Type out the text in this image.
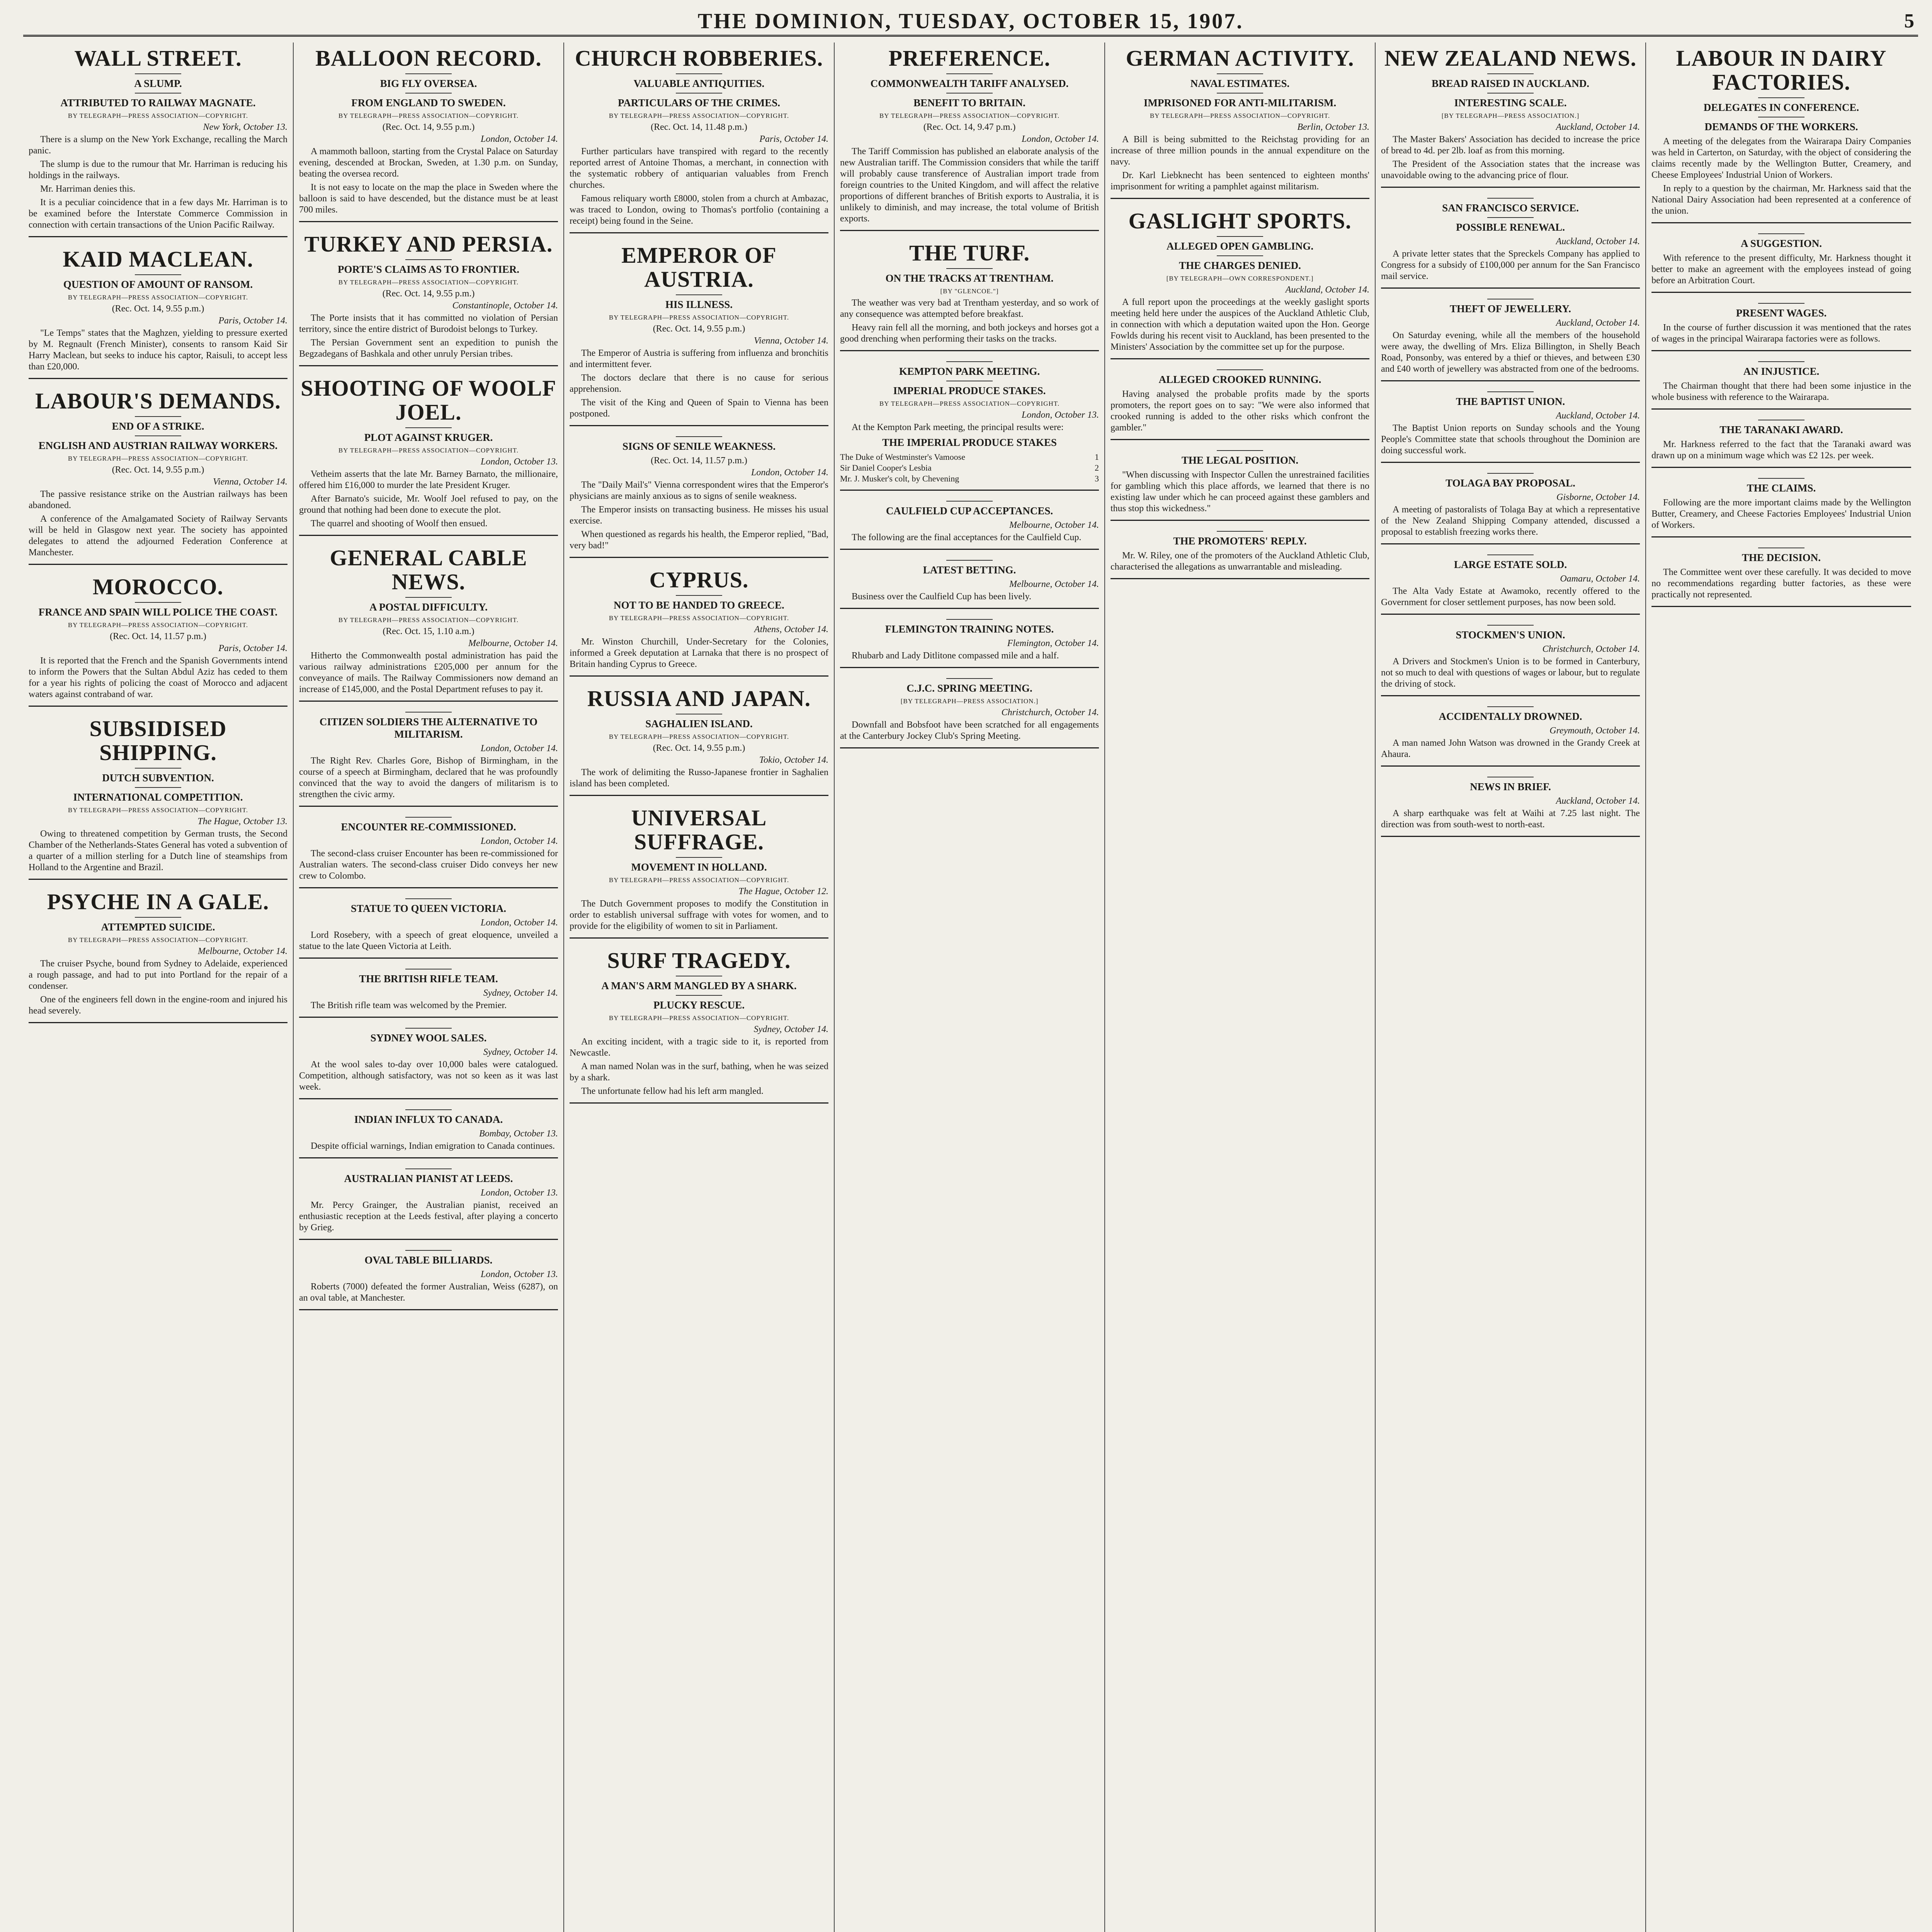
THE DOMINION, TUESDAY, OCTOBER 15, 1907.	5
WALL STREET.
A SLUMP.
ATTRIBUTED TO RAILWAY MAGNATE.
BY TELEGRAPH—PRESS ASSOCIATION—COPYRIGHT.
New York, October 13.

There is a slump on the New York Exchange, recalling the March panic.

The slump is due to the rumour that Mr. Harriman is reducing his holdings in the railways.

Mr. Harriman denies this.

It is a peculiar coincidence that in a few days Mr. Harriman is to be examined before the Interstate Commerce Commission in connection with certain transactions of the Union Pacific Railway.

KAID MACLEAN.
QUESTION OF AMOUNT OF RANSOM.
BY TELEGRAPH—PRESS ASSOCIATION—COPYRIGHT.
(Rec. Oct. 14, 9.55 p.m.)
Paris, October 14.

"Le Temps" states that the Maghzen, yielding to pressure exerted by M. Regnault (French Minister), consents to ransom Kaid Sir Harry Maclean, but seeks to induce his captor, Raisuli, to accept less than £20,000.

LABOUR'S DEMANDS.
END OF A STRIKE.
ENGLISH AND AUSTRIAN RAILWAY WORKERS.
BY TELEGRAPH—PRESS ASSOCIATION—COPYRIGHT.
(Rec. Oct. 14, 9.55 p.m.)
Vienna, October 14.

The passive resistance strike on the Austrian railways has been abandoned.

A conference of the Amalgamated Society of Railway Servants will be held in Glasgow next year. The society has appointed delegates to attend the adjourned Federation Conference at Manchester.

MOROCCO.
FRANCE AND SPAIN WILL POLICE THE COAST.
BY TELEGRAPH—PRESS ASSOCIATION—COPYRIGHT.
(Rec. Oct. 14, 11.57 p.m.)
Paris, October 14.

It is reported that the French and the Spanish Governments intend to inform the Powers that the Sultan Abdul Aziz has ceded to them for a year his rights of policing the coast of Morocco and adjacent waters against contraband of war.

SUBSIDISED SHIPPING.
DUTCH SUBVENTION.
INTERNATIONAL COMPETITION.
BY TELEGRAPH—PRESS ASSOCIATION—COPYRIGHT.
The Hague, October 13.

Owing to threatened competition by German trusts, the Second Chamber of the Netherlands-States General has voted a subvention of a quarter of a million sterling for a Dutch line of steamships from Holland to the Argentine and Brazil.

PSYCHE IN A GALE.
ATTEMPTED SUICIDE.
BY TELEGRAPH—PRESS ASSOCIATION—COPYRIGHT.
Melbourne, October 14.

The cruiser Psyche, bound from Sydney to Adelaide, experienced a rough passage, and had to put into Portland for the repair of a condenser.

One of the engineers fell down in the engine-room and injured his head severely.

BALLOON RECORD.
BIG FLY OVERSEA.
FROM ENGLAND TO SWEDEN.
BY TELEGRAPH—PRESS ASSOCIATION—COPYRIGHT.
(Rec. Oct. 14, 9.55 p.m.)
London, October 14.

A mammoth balloon, starting from the Crystal Palace on Saturday evening, descended at Brockan, Sweden, at 1.30 p.m. on Sunday, beating the oversea record.

It is not easy to locate on the map the place in Sweden where the balloon is said to have descended, but the distance must be at least 700 miles.

TURKEY AND PERSIA.
PORTE'S CLAIMS AS TO FRONTIER.
BY TELEGRAPH—PRESS ASSOCIATION—COPYRIGHT.
(Rec. Oct. 14, 9.55 p.m.)
Constantinople, October 14.

The Porte insists that it has committed no violation of Persian territory, since the entire district of Burodoist belongs to Turkey.

The Persian Government sent an expedition to punish the Begzadegans of Bashkala and other unruly Persian tribes.

SHOOTING OF WOOLF JOEL.
PLOT AGAINST KRUGER.
BY TELEGRAPH—PRESS ASSOCIATION—COPYRIGHT.
London, October 13.

Vetheim asserts that the late Mr. Barney Barnato, the millionaire, offered him £16,000 to murder the late President Kruger.

After Barnato's suicide, Mr. Woolf Joel refused to pay, on the ground that nothing had been done to execute the plot.

The quarrel and shooting of Woolf then ensued.

GENERAL CABLE NEWS.
A POSTAL DIFFICULTY.
BY TELEGRAPH—PRESS ASSOCIATION—COPYRIGHT.
(Rec. Oct. 15, 1.10 a.m.)
Melbourne, October 14.

Hitherto the Commonwealth postal administration has paid the various railway administrations £205,000 per annum for the conveyance of mails. The Railway Commissioners now demand an increase of £145,000, and the Postal Department refuses to pay it.

CITIZEN SOLDIERS THE ALTERNATIVE TO MILITARISM.
London, October 14.

The Right Rev. Charles Gore, Bishop of Birmingham, in the course of a speech at Birmingham, declared that he was profoundly convinced that the way to avoid the dangers of militarism is to strengthen the civic army.

ENCOUNTER RE-COMMISSIONED.
London, October 14.

The second-class cruiser Encounter has been re-commissioned for Australian waters. The second-class cruiser Dido conveys her new crew to Colombo.

STATUE TO QUEEN VICTORIA.
London, October 14.

Lord Rosebery, with a speech of great eloquence, unveiled a statue to the late Queen Victoria at Leith.

THE BRITISH RIFLE TEAM.
Sydney, October 14.

The British rifle team was welcomed by the Premier.

SYDNEY WOOL SALES.
Sydney, October 14.

At the wool sales to-day over 10,000 bales were catalogued. Competition, although satisfactory, was not so keen as it was last week.

INDIAN INFLUX TO CANADA.
Bombay, October 13.

Despite official warnings, Indian emigration to Canada continues.

AUSTRALIAN PIANIST AT LEEDS.
London, October 13.

Mr. Percy Grainger, the Australian pianist, received an enthusiastic reception at the Leeds festival, after playing a concerto by Grieg.

OVAL TABLE BILLIARDS.
London, October 13.

Roberts (7000) defeated the former Australian, Weiss (6287), on an oval table, at Manchester.

CHURCH ROBBERIES.
VALUABLE ANTIQUITIES.
PARTICULARS OF THE CRIMES.
BY TELEGRAPH—PRESS ASSOCIATION—COPYRIGHT.
(Rec. Oct. 14, 11.48 p.m.)
Paris, October 14.

Further particulars have transpired with regard to the recently reported arrest of Antoine Thomas, a merchant, in connection with the systematic robbery of antiquarian valuables from French churches.

Famous reliquary worth £8000, stolen from a church at Ambazac, was traced to London, owing to Thomas's portfolio (containing a receipt) being found in the Seine.

EMPEROR OF AUSTRIA.
HIS ILLNESS.
BY TELEGRAPH—PRESS ASSOCIATION—COPYRIGHT.
(Rec. Oct. 14, 9.55 p.m.)
Vienna, October 14.

The Emperor of Austria is suffering from influenza and bronchitis and intermittent fever.

The doctors declare that there is no cause for serious apprehension.

The visit of the King and Queen of Spain to Vienna has been postponed.

SIGNS OF SENILE WEAKNESS.
(Rec. Oct. 14, 11.57 p.m.)
London, October 14.

The "Daily Mail's" Vienna correspondent wires that the Emperor's physicians are mainly anxious as to signs of senile weakness.

The Emperor insists on transacting business. He misses his usual exercise.

When questioned as regards his health, the Emperor replied, "Bad, very bad!"

CYPRUS.
NOT TO BE HANDED TO GREECE.
BY TELEGRAPH—PRESS ASSOCIATION—COPYRIGHT.
Athens, October 14.

Mr. Winston Churchill, Under-Secretary for the Colonies, informed a Greek deputation at Larnaka that there is no prospect of Britain handing Cyprus to Greece.

RUSSIA AND JAPAN.
SAGHALIEN ISLAND.
BY TELEGRAPH—PRESS ASSOCIATION—COPYRIGHT.
(Rec. Oct. 14, 9.55 p.m.)
Tokio, October 14.

The work of delimiting the Russo-Japanese frontier in Saghalien island has been completed.

UNIVERSAL SUFFRAGE.
MOVEMENT IN HOLLAND.
BY TELEGRAPH—PRESS ASSOCIATION—COPYRIGHT.
The Hague, October 12.

The Dutch Government proposes to modify the Constitution in order to establish universal suffrage with votes for women, and to provide for the eligibility of women to sit in Parliament.

SURF TRAGEDY.
A MAN'S ARM MANGLED BY A SHARK.
PLUCKY RESCUE.
BY TELEGRAPH—PRESS ASSOCIATION—COPYRIGHT.
Sydney, October 14.

An exciting incident, with a tragic side to it, is reported from Newcastle.

A man named Nolan was in the surf, bathing, when he was seized by a shark.

The unfortunate fellow had his left arm mangled.

PREFERENCE.
COMMONWEALTH TARIFF ANALYSED.
BENEFIT TO BRITAIN.
BY TELEGRAPH—PRESS ASSOCIATION—COPYRIGHT.
(Rec. Oct. 14, 9.47 p.m.)
London, October 14.

The Tariff Commission has published an elaborate analysis of the new Australian tariff. The Commission considers that while the tariff will probably cause transference of Australian import trade from foreign countries to the United Kingdom, and will affect the relative proportions of different branches of British exports to Australia, it is unlikely to diminish, and may increase, the total volume of British exports.

THE TURF.
ON THE TRACKS AT TRENTHAM.
[BY "GLENCOE."]

The weather was very bad at Trentham yesterday, and so work of any consequence was attempted before breakfast.

Heavy rain fell all the morning, and both jockeys and horses got a good drenching when performing their tasks on the tracks.

KEMPTON PARK MEETING.
IMPERIAL PRODUCE STAKES.
BY TELEGRAPH—PRESS ASSOCIATION—COPYRIGHT.
London, October 13.

At the Kempton Park meeting, the principal results were:

THE IMPERIAL PRODUCE STAKES
The Duke of Westminster's Vamoose	1
Sir Daniel Cooper's Lesbia	2
Mr. J. Musker's colt, by Chevening	3
CAULFIELD CUP ACCEPTANCES.
Melbourne, October 14.

The following are the final acceptances for the Caulfield Cup.

LATEST BETTING.
Melbourne, October 14.

Business over the Caulfield Cup has been lively.

FLEMINGTON TRAINING NOTES.
Flemington, October 14.

Rhubarb and Lady Ditlitone compassed mile and a half.

C.J.C. SPRING MEETING.
[BY TELEGRAPH—PRESS ASSOCIATION.]
Christchurch, October 14.

Downfall and Bobsfoot have been scratched for all engagements at the Canterbury Jockey Club's Spring Meeting.

GERMAN ACTIVITY.
NAVAL ESTIMATES.
IMPRISONED FOR ANTI-MILITARISM.
BY TELEGRAPH—PRESS ASSOCIATION—COPYRIGHT.
Berlin, October 13.

A Bill is being submitted to the Reichstag providing for an increase of three million pounds in the annual expenditure on the navy.

Dr. Karl Liebknecht has been sentenced to eighteen months' imprisonment for writing a pamphlet against militarism.

GASLIGHT SPORTS.
ALLEGED OPEN GAMBLING.
THE CHARGES DENIED.
[BY TELEGRAPH—OWN CORRESPONDENT.]
Auckland, October 14.

A full report upon the proceedings at the weekly gaslight sports meeting held here under the auspices of the Auckland Athletic Club, in connection with which a deputation waited upon the Hon. George Fowlds during his recent visit to Auckland, has been presented to the Ministers' Association by the committee set up for the purpose.

ALLEGED CROOKED RUNNING.

Having analysed the probable profits made by the sports promoters, the report goes on to say: "We were also informed that crooked running is added to the other risks which confront the gambler."

THE LEGAL POSITION.

"When discussing with Inspector Cullen the unrestrained facilities for gambling which this place affords, we learned that there is no existing law under which he can proceed against these gamblers and thus stop this wickedness."

THE PROMOTERS' REPLY.

Mr. W. Riley, one of the promoters of the Auckland Athletic Club, characterised the allegations as unwarrantable and misleading.

NEW ZEALAND NEWS.
BREAD RAISED IN AUCKLAND.
INTERESTING SCALE.
[BY TELEGRAPH—PRESS ASSOCIATION.]
Auckland, October 14.

The Master Bakers' Association has decided to increase the price of bread to 4d. per 2lb. loaf as from this morning.

The President of the Association states that the increase was unavoidable owing to the advancing price of flour.

SAN FRANCISCO SERVICE.
POSSIBLE RENEWAL.
Auckland, October 14.

A private letter states that the Spreckels Company has applied to Congress for a subsidy of £100,000 per annum for the San Francisco mail service.

THEFT OF JEWELLERY.
Auckland, October 14.

On Saturday evening, while all the members of the household were away, the dwelling of Mrs. Eliza Billington, in Shelly Beach Road, Ponsonby, was entered by a thief or thieves, and between £30 and £40 worth of jewellery was abstracted from one of the bedrooms.

THE BAPTIST UNION.
Auckland, October 14.

The Baptist Union reports on Sunday schools and the Young People's Committee state that schools throughout the Dominion are doing successful work.

TOLAGA BAY PROPOSAL.
Gisborne, October 14.

A meeting of pastoralists of Tolaga Bay at which a representative of the New Zealand Shipping Company attended, discussed a proposal to establish freezing works there.

LARGE ESTATE SOLD.
Oamaru, October 14.

The Alta Vady Estate at Awamoko, recently offered to the Government for closer settlement purposes, has now been sold.

STOCKMEN'S UNION.
Christchurch, October 14.

A Drivers and Stockmen's Union is to be formed in Canterbury, not so much to deal with questions of wages or labour, but to regulate the driving of stock.

ACCIDENTALLY DROWNED.
Greymouth, October 14.

A man named John Watson was drowned in the Grandy Creek at Ahaura.

NEWS IN BRIEF.
Auckland, October 14.

A sharp earthquake was felt at Waihi at 7.25 last night. The direction was from south-west to north-east.

LABOUR IN DAIRY FACTORIES.
DELEGATES IN CONFERENCE.
DEMANDS OF THE WORKERS.

A meeting of the delegates from the Wairarapa Dairy Companies was held in Carterton, on Saturday, with the object of considering the claims recently made by the Wellington Butter, Creamery, and Cheese Employees' Industrial Union of Workers.

In reply to a question by the chairman, Mr. Harkness said that the National Dairy Association had been represented at a conference of the union.

A SUGGESTION.

With reference to the present difficulty, Mr. Harkness thought it better to make an agreement with the employees instead of going before an Arbitration Court.

PRESENT WAGES.

In the course of further discussion it was mentioned that the rates of wages in the principal Wairarapa factories were as follows.

AN INJUSTICE.

The Chairman thought that there had been some injustice in the whole business with reference to the Wairarapa.

THE TARANAKI AWARD.

Mr. Harkness referred to the fact that the Taranaki award was drawn up on a minimum wage which was £2 12s. per week.

THE CLAIMS.

Following are the more important claims made by the Wellington Butter, Creamery, and Cheese Factories Employees' Industrial Union of Workers.

THE DECISION.

The Committee went over these carefully. It was decided to move no recommendations regarding butter factories, as these were practically not represented.
